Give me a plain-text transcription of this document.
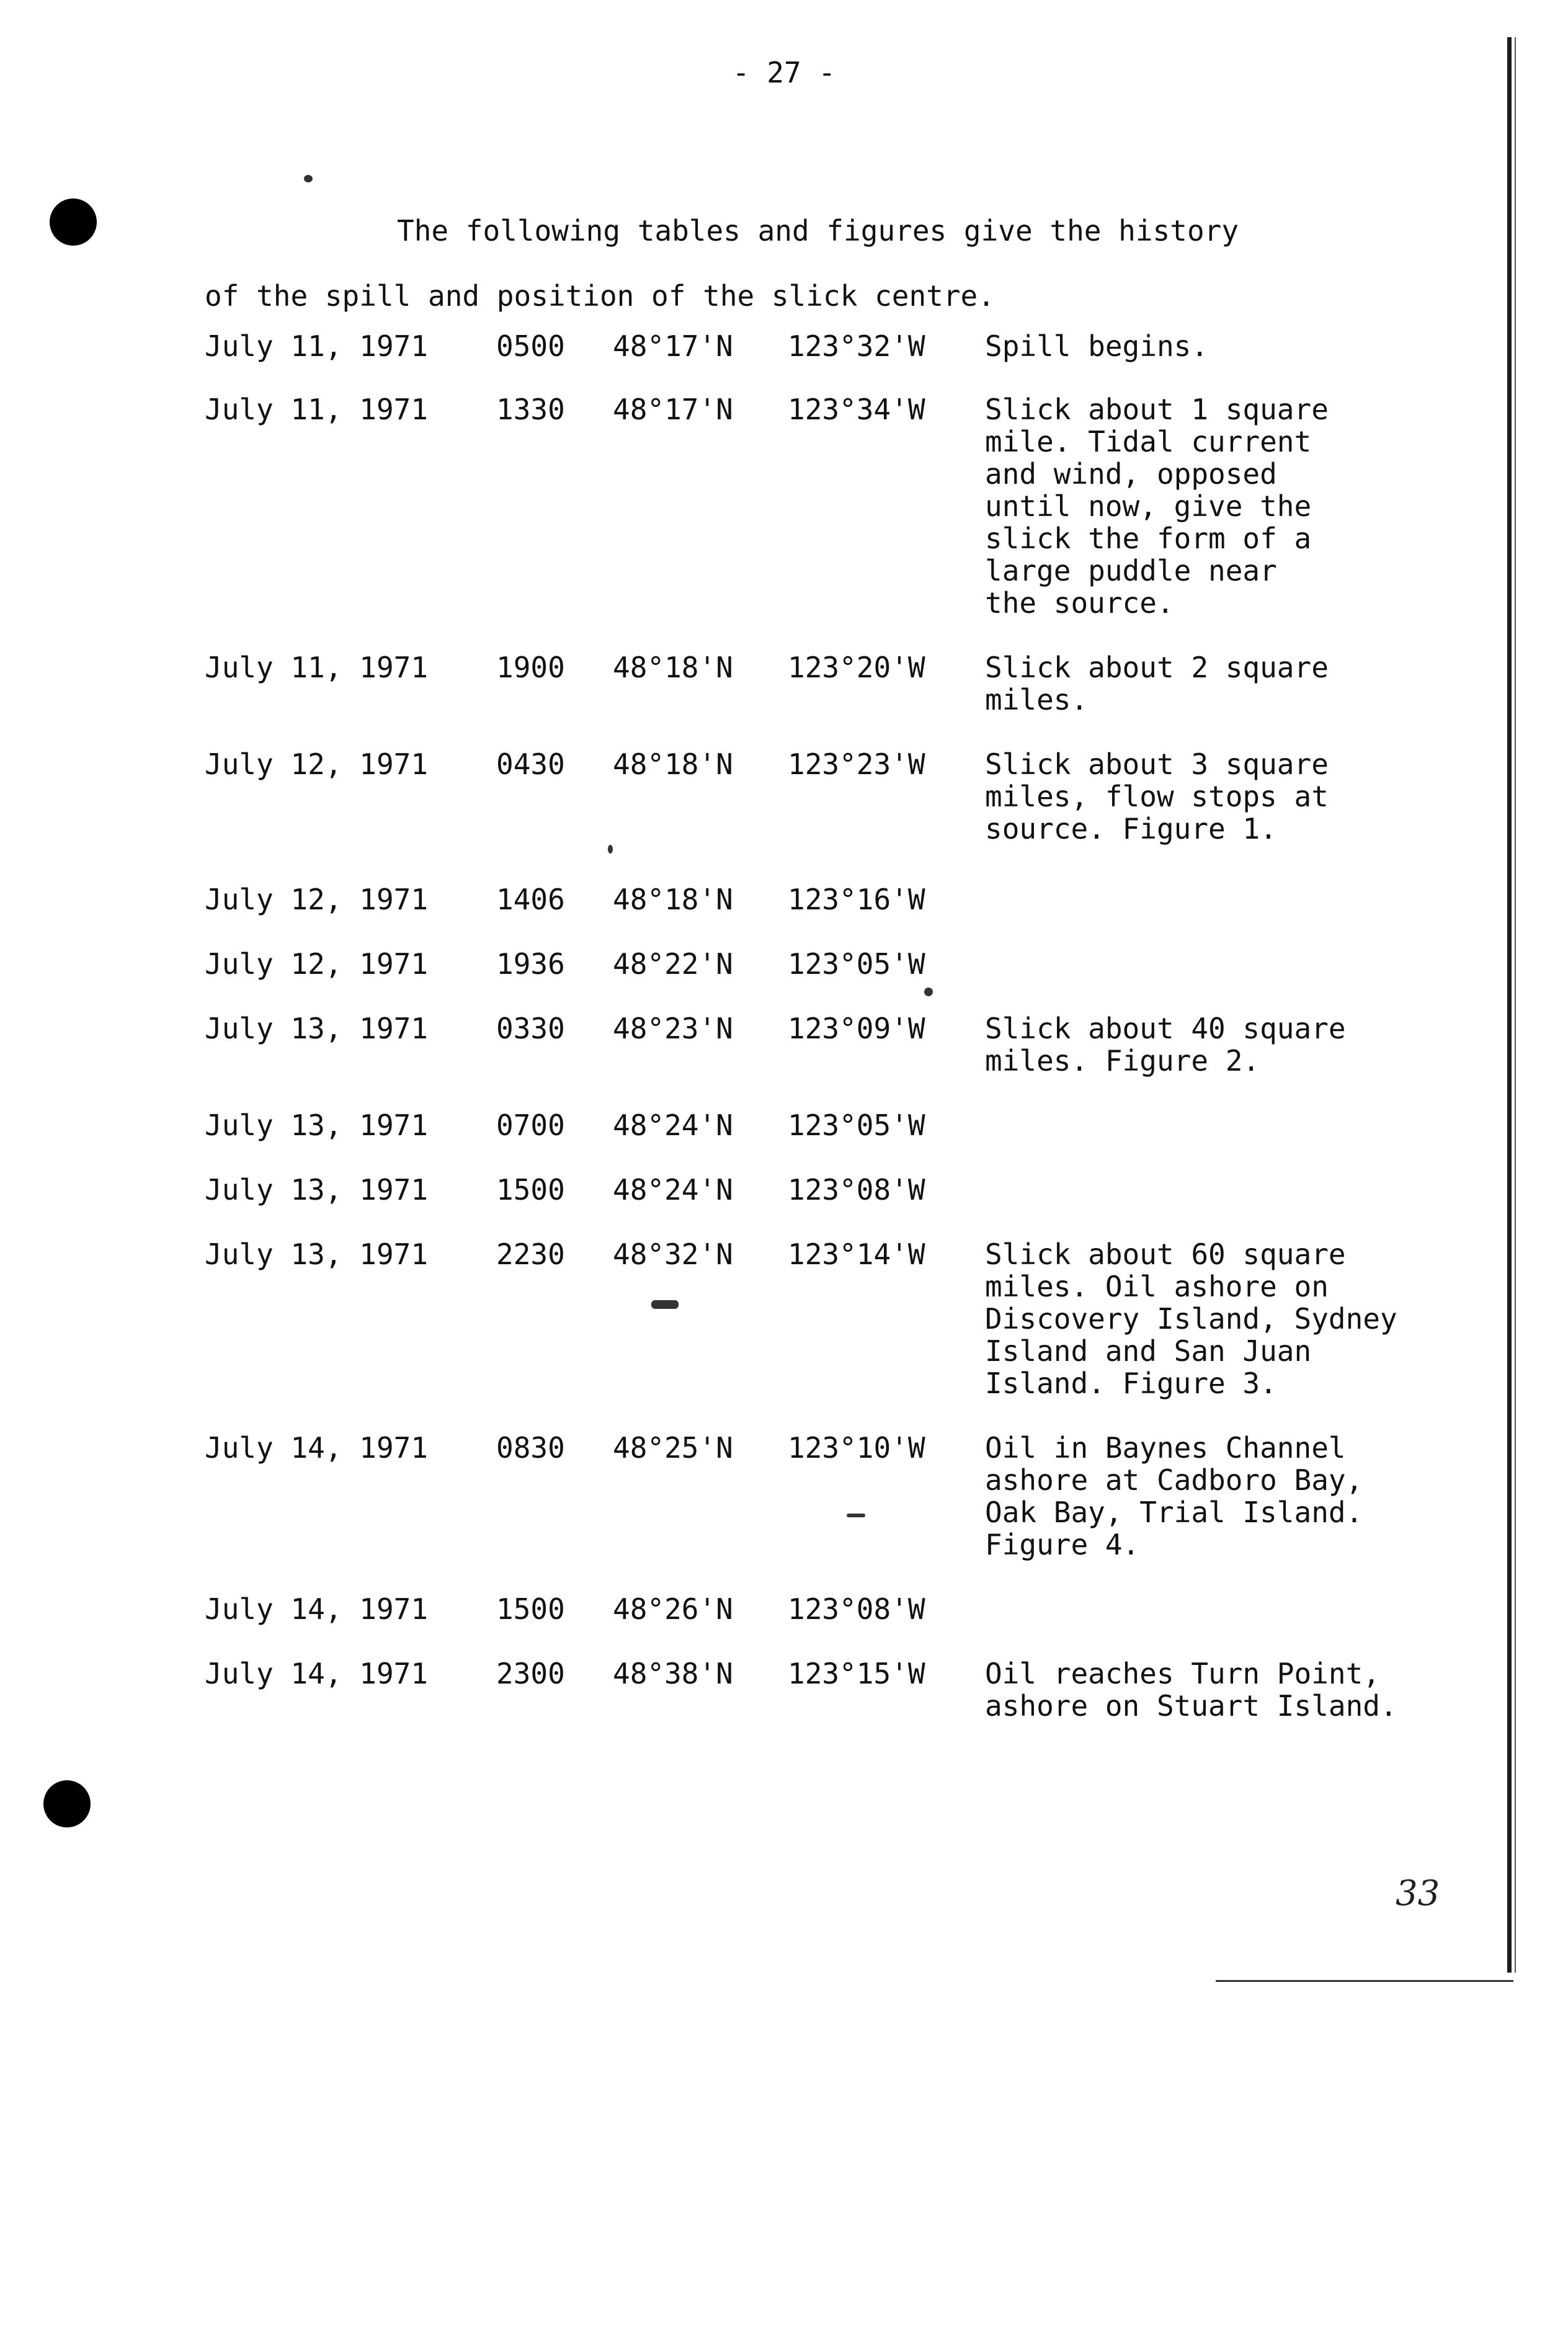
- 27 -
The following tables and figures give the history
of the spill and position of the slick centre.
July 11, 1971	0500	48°17'N	123°32'W	Spill begins.
July 11, 1971	1330	48°17'N	123°34'W	Slick about 1 square
mile. Tidal current
and wind, opposed
until now, give the
slick the form of a
large puddle near
the source.
July 11, 1971	1900	48°18'N	123°20'W	Slick about 2 square
miles.
July 12, 1971	0430	48°18'N	123°23'W	Slick about 3 square
miles, flow stops at
source. Figure 1.
July 12, 1971	1406	48°18'N	123°16'W
July 12, 1971	1936	48°22'N	123°05'W
July 13, 1971	0330	48°23'N	123°09'W	Slick about 40 square
miles. Figure 2.
July 13, 1971	0700	48°24'N	123°05'W
July 13, 1971	1500	48°24'N	123°08'W
July 13, 1971	2230	48°32'N	123°14'W	Slick about 60 square
miles. Oil ashore on
Discovery Island, Sydney
Island and San Juan
Island. Figure 3.
July 14, 1971	0830	48°25'N	123°10'W	Oil in Baynes Channel
ashore at Cadboro Bay,
Oak Bay, Trial Island.
Figure 4.
July 14, 1971	1500	48°26'N	123°08'W
July 14, 1971	2300	48°38'N	123°15'W	Oil reaches Turn Point,
ashore on Stuart Island.
33
